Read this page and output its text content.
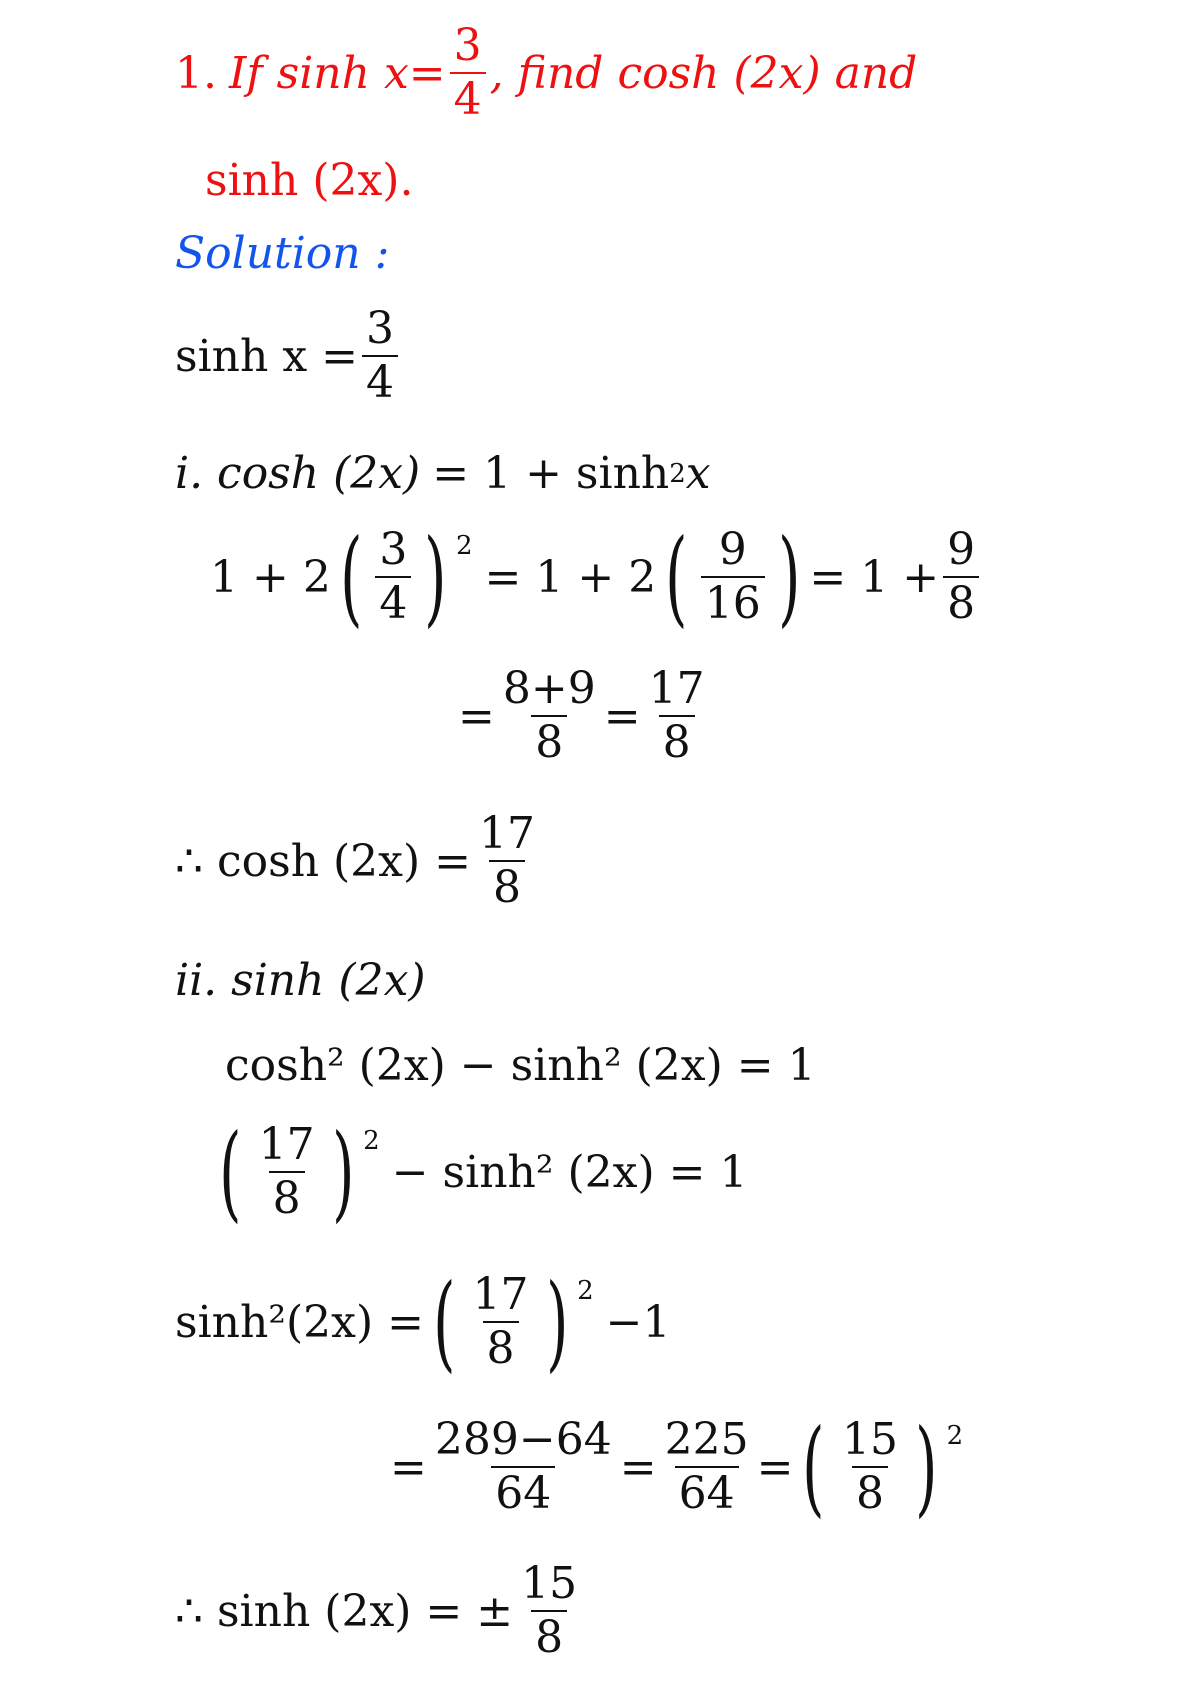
1. If $\sinh x = \frac{3}{4}$ , find cosh (2x) and
sinh (2x).
Solution :
$\sinh x = \frac{3}{4}$
i. cosh (2x) = 1 + sinh 2 x
1 + 2 ( $\frac{3}{4}$ ) 2
= 1 + 2 ( $\frac{9}{16}$ ) = $1 + \frac{9}{8}$
= $\frac{8+9}{8} = \frac{17}{8}$
∴ $\cosh (2x) = \frac{17}{8}$
ii. sinh (2x)
cosh² (2x) − sinh² (2x) = 1
( $\frac{17}{8}$ ) 2
− sinh² (2x) = 1
sinh²(2x) = ( $\frac{17}{8}$ ) 2
−1
= $\frac{289-64}{64} = \frac{225}{64}$ = ( $\frac{15}{8}$ ) 2
∴ sinh (2x) = ± $\frac{15}{8}$
